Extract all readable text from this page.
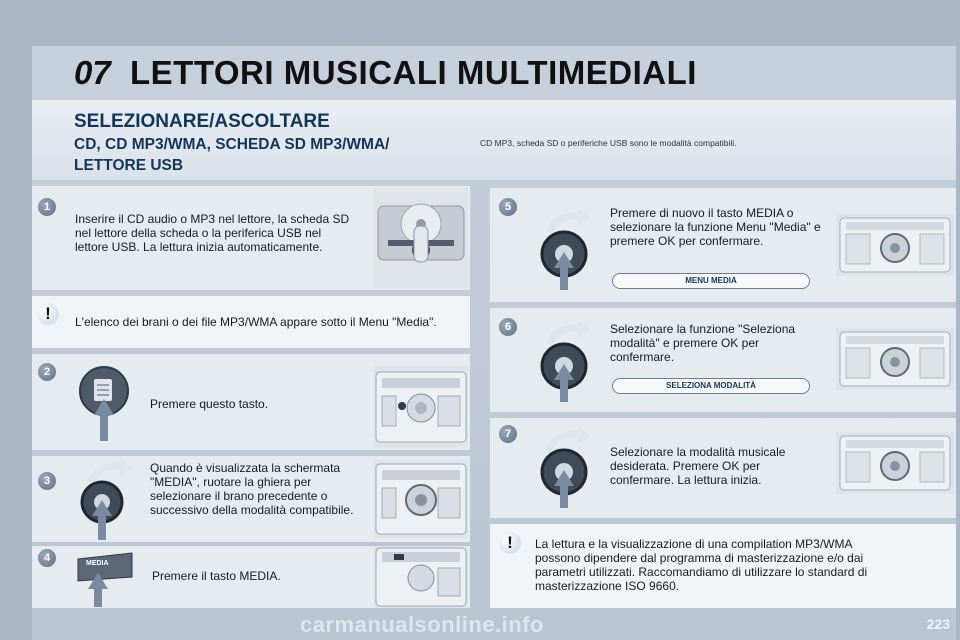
07 LETTORI MUSICALI MULTIMEDIALI
SELEZIONARE/ASCOLTARE
CD, CD MP3/WMA, SCHEDA SD MP3/WMA/ LETTORE USB
CD MP3, scheda SD o periferiche USB sono le modalità compatibili.
1
Inserire il CD audio o MP3 nel lettore, la scheda SD nel lettore della scheda o la periferica USB nel lettore USB. La lettura inizia automaticamente.
!	L'elenco dei brani o dei file MP3/WMA appare sotto il Menu "Media".
2
Premere questo tasto.
3
Quando è visualizzata la schermata "MEDIA", ruotare la ghiera per selezionare il brano precedente o successivo della modalità compatibile.
4	MEDIA
Premere il tasto MEDIA.
5	Premere di nuovo il tasto MEDIA o selezionare la funzione Menu "Media" e premere OK per confermare.
MENU MEDIA
6	Selezionare la funzione "Seleziona modalità" e premere OK per confermare.
SELEZIONA MODALITÀ
7
Selezionare la modalità musicale desiderata. Premere OK per confermare. La lettura inizia.
!	La lettura e la visualizzazione di una compilation MP3/WMA possono dipendere dal programma di masterizzazione e/o dai parametri utilizzati. Raccomandiamo di utilizzare lo standard di masterizzazione ISO 9660.
carmanualsonline.info	223
